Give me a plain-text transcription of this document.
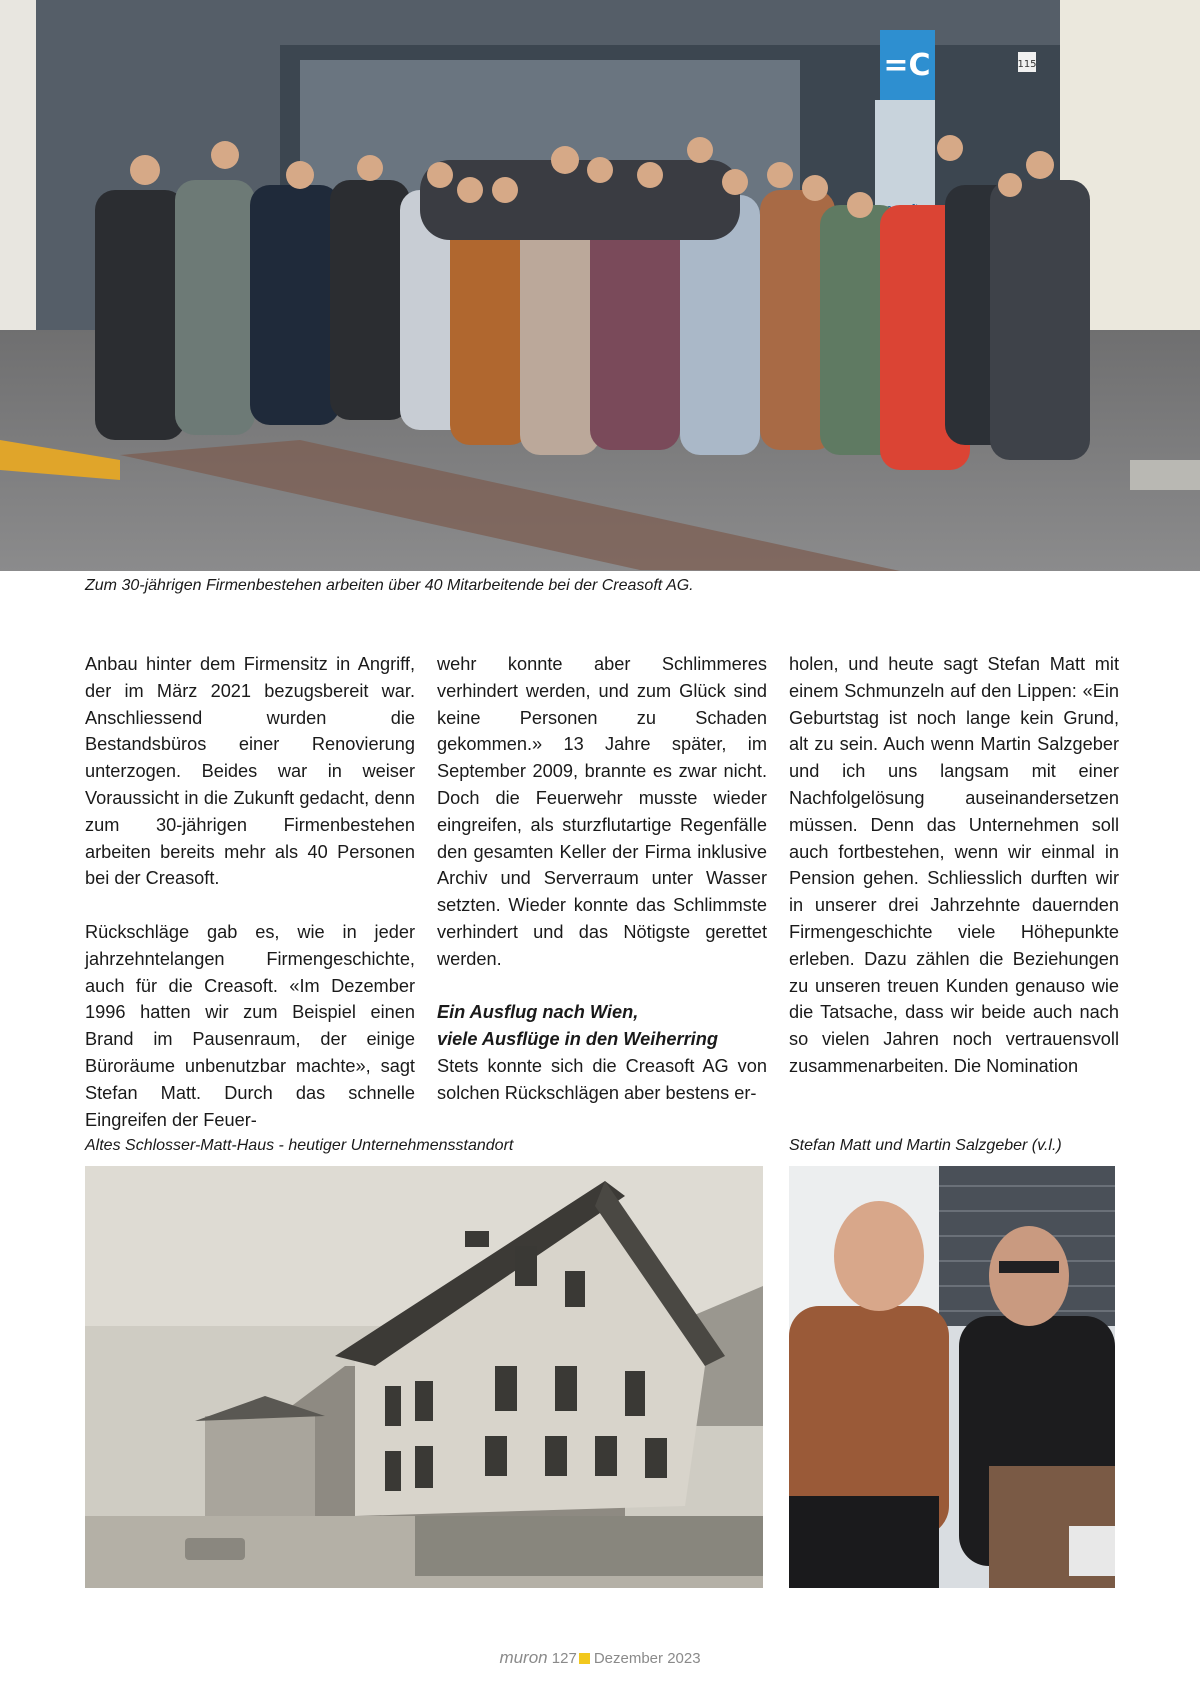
=C	115
Zum 30-jährigen Firmenbestehen arbeiten über 40 Mitarbeitende bei der Creasoft AG.

Anbau hinter dem Firmensitz in Angriff, der im März 2021 bezugsbereit war. Anschliessend wurden die Bestandsbüros einer Renovierung unterzogen. Beides war in weiser Voraussicht in die Zukunft gedacht, denn zum 30-jährigen Firmenbestehen arbeiten bereits mehr als 40 Personen bei der Creasoft.

Rückschläge gab es, wie in jeder jahrzehntelangen Firmengeschichte, auch für die Creasoft. «Im Dezember 1996 hatten wir zum Beispiel einen Brand im Pausenraum, der einige Büroräume unbenutzbar machte», sagt Stefan Matt. Durch das schnelle Eingreifen der Feuer-

wehr konnte aber Schlimmeres verhindert werden, und zum Glück sind keine Personen zu Schaden gekommen.» 13 Jahre später, im September 2009, brannte es zwar nicht. Doch die Feuerwehr musste wieder eingreifen, als sturzflutartige Regenfälle den gesamten Keller der Firma inklusive Archiv und Serverraum unter Wasser setzten. Wieder konnte das Schlimmste verhindert und das Nötigste gerettet werden.

Ein Ausflug nach Wien,
viele Ausflüge in den Weiherring

Stets konnte sich die Creasoft AG von solchen Rückschlägen aber bestens er-

holen, und heute sagt Stefan Matt mit einem Schmunzeln auf den Lippen: «Ein Geburtstag ist noch lange kein Grund, alt zu sein. Auch wenn Martin Salzgeber und ich uns langsam mit einer Nachfolgelösung auseinandersetzen müssen. Denn das Unternehmen soll auch fortbestehen, wenn wir einmal in Pension gehen. Schliesslich durften wir in unserer drei Jahrzehnte dauernden Firmengeschichte viele Höhepunkte erleben. Dazu zählen die Beziehungen zu unseren treuen Kunden genauso wie die Tatsache, dass wir beide auch nach so vielen Jahren noch vertrauensvoll zusammenarbeiten. Die Nomination

Altes Schlosser-Matt-Haus - heutiger Unternehmensstandort	Stefan Matt und Martin Salzgeber (v.l.)
muron 127 Dezember 2023
